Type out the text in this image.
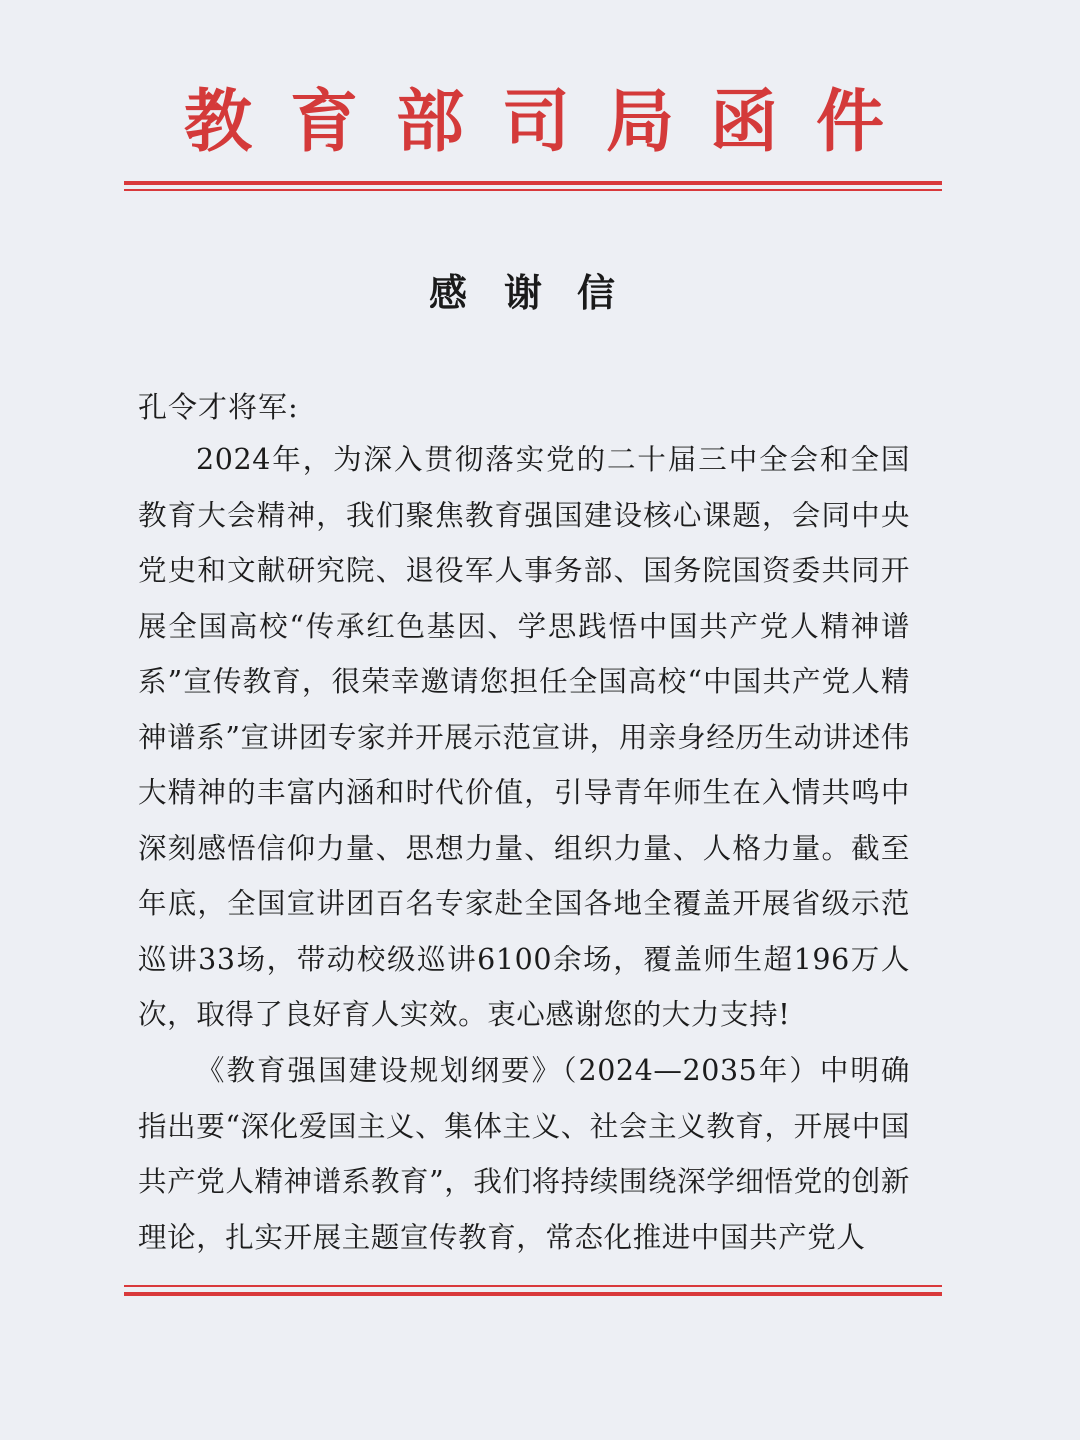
教 育 部 司 局 函 件
感 谢 信
孔令才将军:
2024年，为深入贯彻落实党的二十届三中全会和全国教育大会精神，我们聚焦教育强国建设核心课题，会同中央党史和文献研究院、退役军人事务部、国务院国资委共同开展全国高校“传承红色基因、学思践悟中国共产党人精神谱系”宣传教育，很荣幸邀请您担任全国高校“中国共产党人精神谱系”宣讲团专家并开展示范宣讲，用亲身经历生动讲述伟大精神的丰富内涵和时代价值，引导青年师生在入情共鸣中深刻感悟信仰力量、思想力量、组织力量、人格力量。截至年底，全国宣讲团百名专家赴全国各地全覆盖开展省级示范巡讲33场，带动校级巡讲6100余场，覆盖师生超196万人次，取得了良好育人实效。衷心感谢您的大力支持!
《教育强国建设规划纲要》（2024—2035年）中明确指出要“深化爱国主义、集体主义、社会主义教育，开展中国共产党人精神谱系教育”，我们将持续围绕深学细悟党的创新理论，扎实开展主题宣传教育，常态化推进中国共产党人
